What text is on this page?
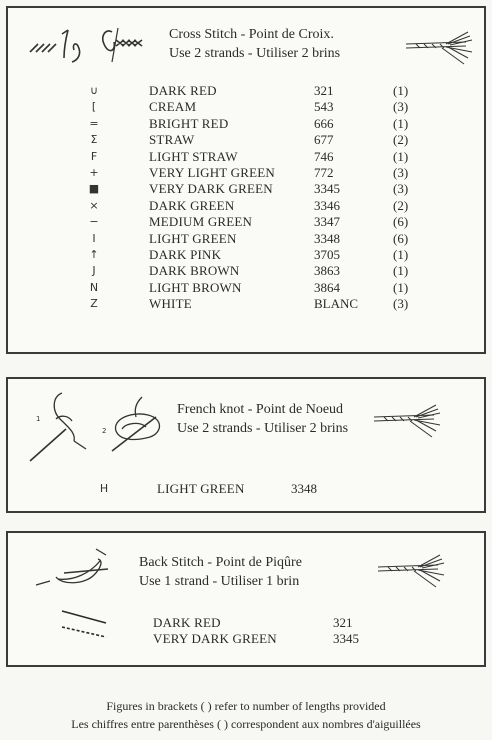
Cross Stitch - Point de Croix.
Use 2 strands - Utiliser 2 brins
∪	DARK RED	321	(1)
[	CREAM	543	(3)
=	BRIGHT RED	666	(1)
Σ	STRAW	677	(2)
F	LIGHT STRAW	746	(1)
+	VERY LIGHT GREEN	772	(3)
■	VERY DARK GREEN	3345	(3)
×	DARK GREEN	3346	(2)
−	MEDIUM GREEN	3347	(6)
I	LIGHT GREEN	3348	(6)
↑	DARK PINK	3705	(1)
J	DARK BROWN	3863	(1)
N	LIGHT BROWN	3864	(1)
Z	WHITE	BLANC	(3)
1
2
French knot - Point de Noeud
Use 2 strands - Utiliser 2 brins
H	LIGHT GREEN	3348
Back Stitch - Point de Piqûre
Use 1 strand - Utiliser 1 brin
DARK RED	321
VERY DARK GREEN	3345
Figures in brackets ( ) refer to number of lengths provided
Les chiffres entre parenthèses ( ) correspondent aux nombres d'aiguillées
